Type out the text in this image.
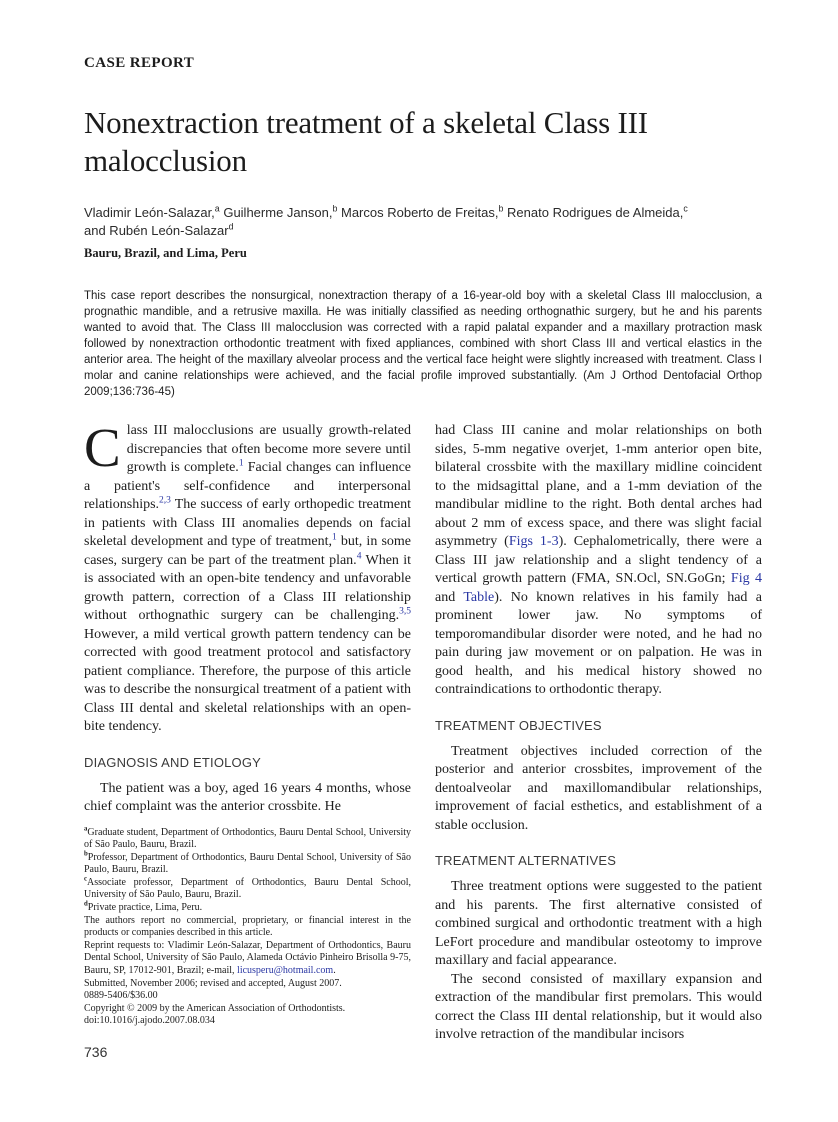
CASE REPORT
Nonextraction treatment of a skeletal Class III
malocclusion
Vladimir León-Salazar,$^a$ Guilherme Janson,$^b$ Marcos Roberto de Freitas,$^b$ Renato Rodrigues de Almeida,$^c$
and Rubén León-Salazar$^d$
Bauru, Brazil, and Lima, Peru

This case report describes the nonsurgical, nonextraction therapy of a 16-year-old boy with a skeletal Class III malocclusion, a prognathic mandible, and a retrusive maxilla. He was initially classified as needing orthognathic surgery, but he and his parents wanted to avoid that. The Class III malocclusion was corrected with a rapid palatal expander and a maxillary protraction mask followed by nonextraction orthodontic treatment with fixed appliances, combined with short Class III and vertical elastics in the anterior area. The height of the maxillary alveolar process and the vertical face height were slightly increased with treatment. Class I molar and canine relationships were achieved, and the facial profile improved substantially. (Am J Orthod Dentofacial Orthop 2009;136:736-45)

Class III malocclusions are usually growth-related discrepancies that often become more severe until growth is complete.$^1$ Facial changes can influence a patient's self-confidence and interpersonal relationships.$^{2,3}$ The success of early orthopedic treatment in patients with Class III anomalies depends on facial skeletal development and type of treatment,$^1$ but, in some cases, surgery can be part of the treatment plan.$^4$ When it is associated with an open-bite tendency and unfavorable growth pattern, correction of a Class III relationship without orthognathic surgery can be challenging.$^{3,5}$ However, a mild vertical growth pattern tendency can be corrected with good treatment protocol and satisfactory patient compliance. Therefore, the purpose of this article was to describe the nonsurgical treatment of a patient with Class III dental and skeletal relationships with an open-bite tendency.

DIAGNOSIS AND ETIOLOGY

The patient was a boy, aged 16 years 4 months, whose chief complaint was the anterior crossbite. He

$^a$Graduate student, Department of Orthodontics, Bauru Dental School, University of São Paulo, Bauru, Brazil.

$^b$Professor, Department of Orthodontics, Bauru Dental School, University of São Paulo, Bauru, Brazil.

$^c$Associate professor, Department of Orthodontics, Bauru Dental School, University of São Paulo, Bauru, Brazil.

$^d$Private practice, Lima, Peru.

The authors report no commercial, proprietary, or financial interest in the products or companies described in this article.

Reprint requests to: Vladimir León-Salazar, Department of Orthodontics, Bauru Dental School, University of São Paulo, Alameda Octávio Pinheiro Brisolla 9-75, Bauru, SP, 17012-901, Brazil; e-mail, licusperu@hotmail.com.

Submitted, November 2006; revised and accepted, August 2007.

0889-5406/$36.00

Copyright © 2009 by the American Association of Orthodontists.

doi:10.1016/j.ajodo.2007.08.034

had Class III canine and molar relationships on both sides, 5-mm negative overjet, 1-mm anterior open bite, bilateral crossbite with the maxillary midline coincident to the midsagittal plane, and a 1-mm deviation of the mandibular midline to the right. Both dental arches had about 2 mm of excess space, and there was slight facial asymmetry (Figs 1-3). Cephalometrically, there were a Class III jaw relationship and a slight tendency of a vertical growth pattern (FMA, SN.Ocl, SN.GoGn; Fig 4 and Table). No known relatives in his family had a prominent lower jaw. No symptoms of temporomandibular disorder were noted, and he had no pain during jaw movement or on palpation. He was in good health, and his medical history showed no contraindications to orthodontic therapy.

TREATMENT OBJECTIVES

Treatment objectives included correction of the posterior and anterior crossbites, improvement of the dentoalveolar and maxillomandibular relationships, improvement of facial esthetics, and establishment of a stable occlusion.

TREATMENT ALTERNATIVES

Three treatment options were suggested to the patient and his parents. The first alternative consisted of combined surgical and orthodontic treatment with a high LeFort procedure and mandibular osteotomy to improve maxillary and facial appearance.

The second consisted of maxillary expansion and extraction of the mandibular first premolars. This would correct the Class III dental relationship, but it would also involve retraction of the mandibular incisors

736
